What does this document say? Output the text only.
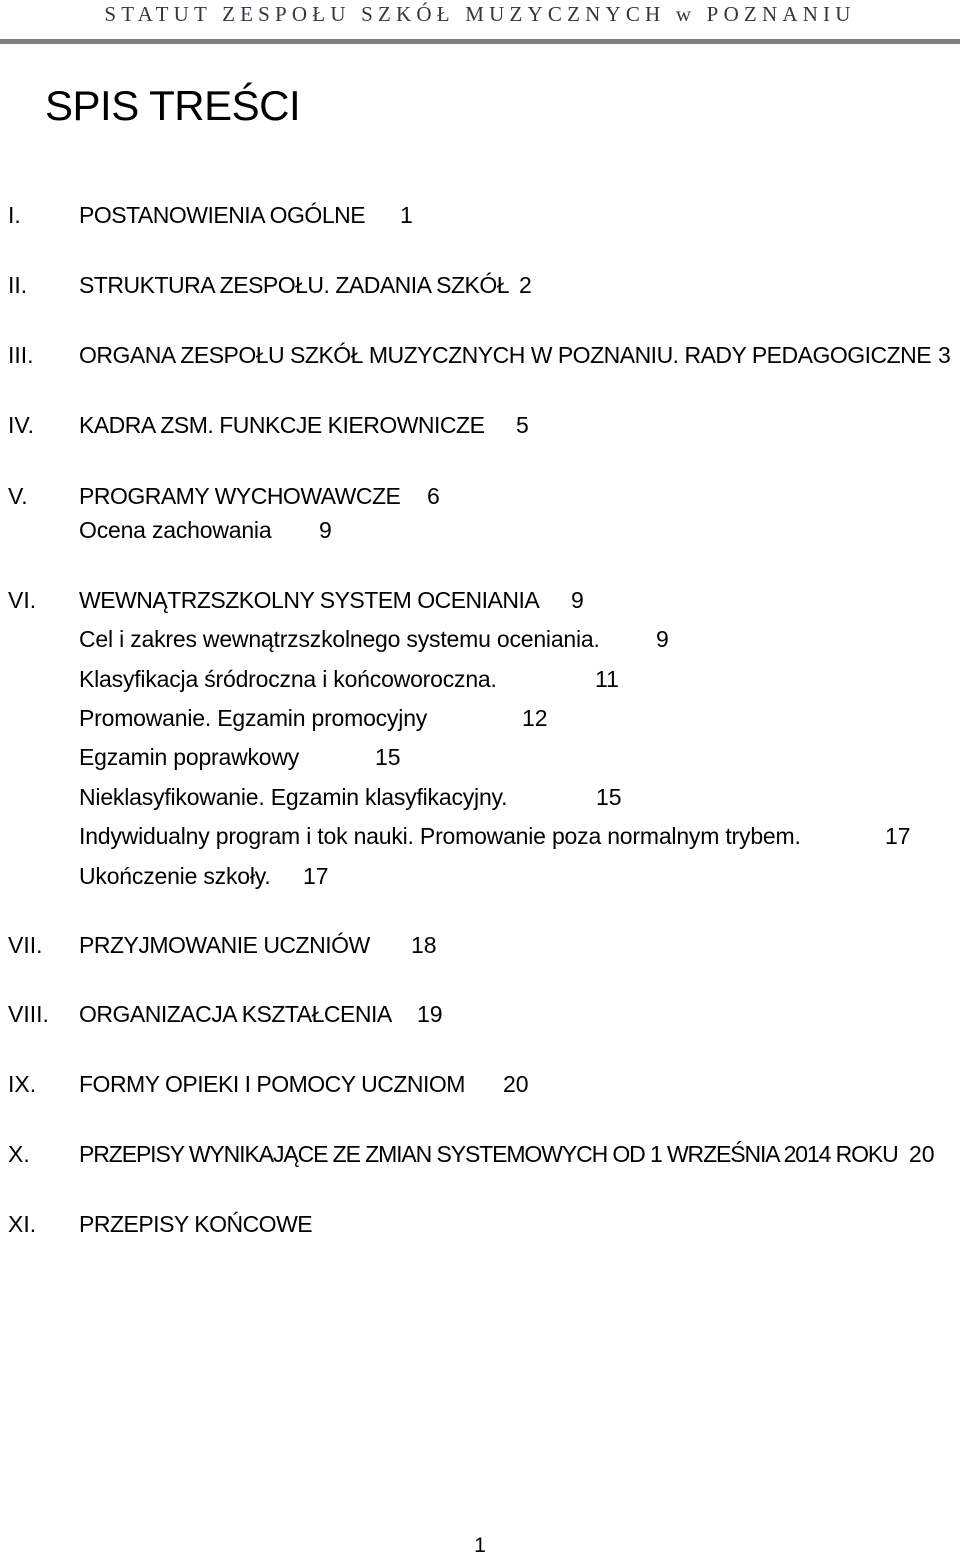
STATUT ZESPOŁU SZKÓŁ MUZYCZNYCH w POZNANIU
SPIS TREŚCI
I.	POSTANOWIENIA OGÓLNE 1
II. STRUKTURA ZESPOŁU. ZADANIA SZKÓŁ 2
III. ORGANA ZESPOŁU SZKÓŁ MUZYCZNYCH W POZNANIU. RADY PEDAGOGICZNE 3
IV. KADRA ZSM. FUNKCJE KIEROWNICZE 5
V. PROGRAMY WYCHOWAWCZE 6
Ocena zachowania 9
VI. WEWNĄTRZSZKOLNY SYSTEM OCENIANIA 9
Cel i zakres wewnątrzszkolnego systemu oceniania. 9
Klasyfikacja śródroczna i końcoworoczna.	11
Promowanie. Egzamin promocyjny	12
Egzamin poprawkowy	15
Nieklasyfikowanie. Egzamin klasyfikacyjny.	15
Indywidualny program i tok nauki. Promowanie poza normalnym trybem.	17
Ukończenie szkoły. 17
VII. PRZYJMOWANIE UCZNIÓW 18
VIII. ORGANIZACJA KSZTAŁCENIA 19
IX. FORMY OPIEKI I POMOCY UCZNIOM 20
X. PRZEPISY WYNIKAJĄCE ZE ZMIAN SYSTEMOWYCH OD 1 WRZEŚNIA 2014 ROKU 20
XI. PRZEPISY KOŃCOWE
1
